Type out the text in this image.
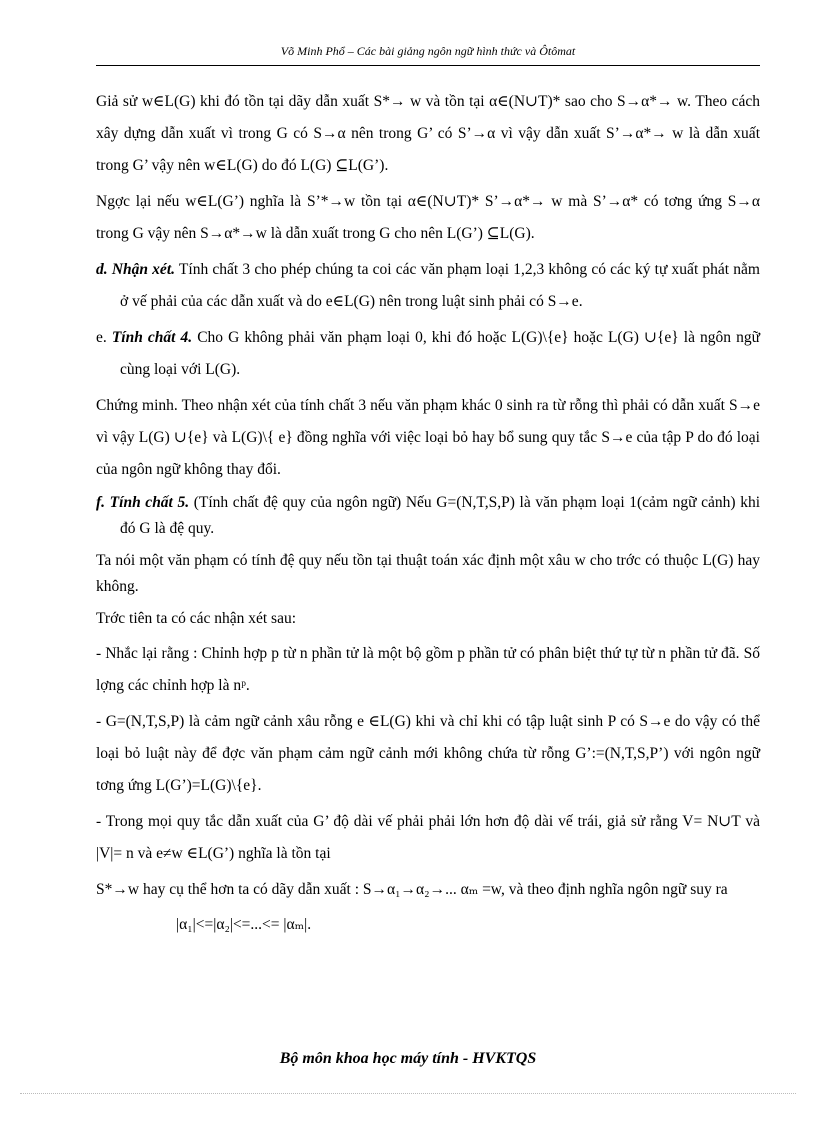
Võ Minh Phổ – Các bài giảng ngôn ngữ hình thức và Ôtômat

Giả sử w∈L(G) khi đó tồn tại dãy dẫn xuất S*→ w và tồn tại α∈(N∪T)* sao cho S→α*→ w. Theo cách xây dựng dẫn xuất vì trong G có S→α nên trong G’ có S’→α vì vậy dẫn xuất S’→α*→ w là dẫn xuất trong G’ vậy nên w∈L(G) do đó L(G) ⊆L(G’).

Ngợc lại nếu w∈L(G’) nghĩa là S’*→w tồn tại α∈(N∪T)* S’→α*→ w mà S’→α* có tơng ứng S→α trong G vậy nên S→α*→w là dẫn xuất trong G cho nên L(G’) ⊆L(G).

d. Nhận xét. Tính chất 3 cho phép chúng ta coi các văn phạm loại 1,2,3 không có các ký tự xuất phát nằm ở vế phải của các dẫn xuất và do e∈L(G) nên trong luật sinh phải có S→e.

e. Tính chất 4. Cho G không phải văn phạm loại 0, khi đó hoặc L(G)\{e} hoặc L(G) ∪{e} là ngôn ngữ cùng loại với L(G).

Chứng minh. Theo nhận xét của tính chất 3 nếu văn phạm khác 0 sinh ra từ rỗng thì phải có dẫn xuất S→e vì vậy L(G) ∪{e} và L(G)\{ e} đồng nghĩa với việc loại bỏ hay bổ sung quy tắc S→e của tập P do đó loại của ngôn ngữ không thay đổi.

f. Tính chất 5. (Tính chất đệ quy của ngôn ngữ) Nếu G=(N,T,S,P) là văn phạm loại 1(cảm ngữ cảnh) khi đó G là đệ quy.

Ta nói một văn phạm có tính đệ quy nếu tồn tại thuật toán xác định một xâu w cho trớc có thuộc L(G) hay không.

Trớc tiên ta có các nhận xét sau:

- Nhắc lại rằng : Chỉnh hợp p từ n phần tử là một bộ gồm p phần tử có phân biệt thứ tự từ n phần tử đã. Số lợng các chỉnh hợp là nᵖ.

- G=(N,T,S,P) là cảm ngữ cảnh xâu rỗng e ∈L(G) khi và chỉ khi có tập luật sinh P có S→e do vậy có thể loại bỏ luật này để đợc văn phạm cảm ngữ cảnh mới không chứa từ rỗng G’:=(N,T,S,P’) với ngôn ngữ tơng ứng L(G’)=L(G)\{e}.

- Trong mọi quy tắc dẫn xuất của G’ độ dài vế phải phải lớn hơn độ dài vế trái, giả sử rằng V= N∪T và |V|= n và e≠w ∈L(G’) nghĩa là tồn tại

S*→w hay cụ thể hơn ta có dãy dẫn xuất : S→α₁→α₂→... αₘ =w, và theo định nghĩa ngôn ngữ suy ra

|α₁|<=|α₂|<=...<= |αₘ|.
Bộ môn khoa học máy tính - HVKTQS
